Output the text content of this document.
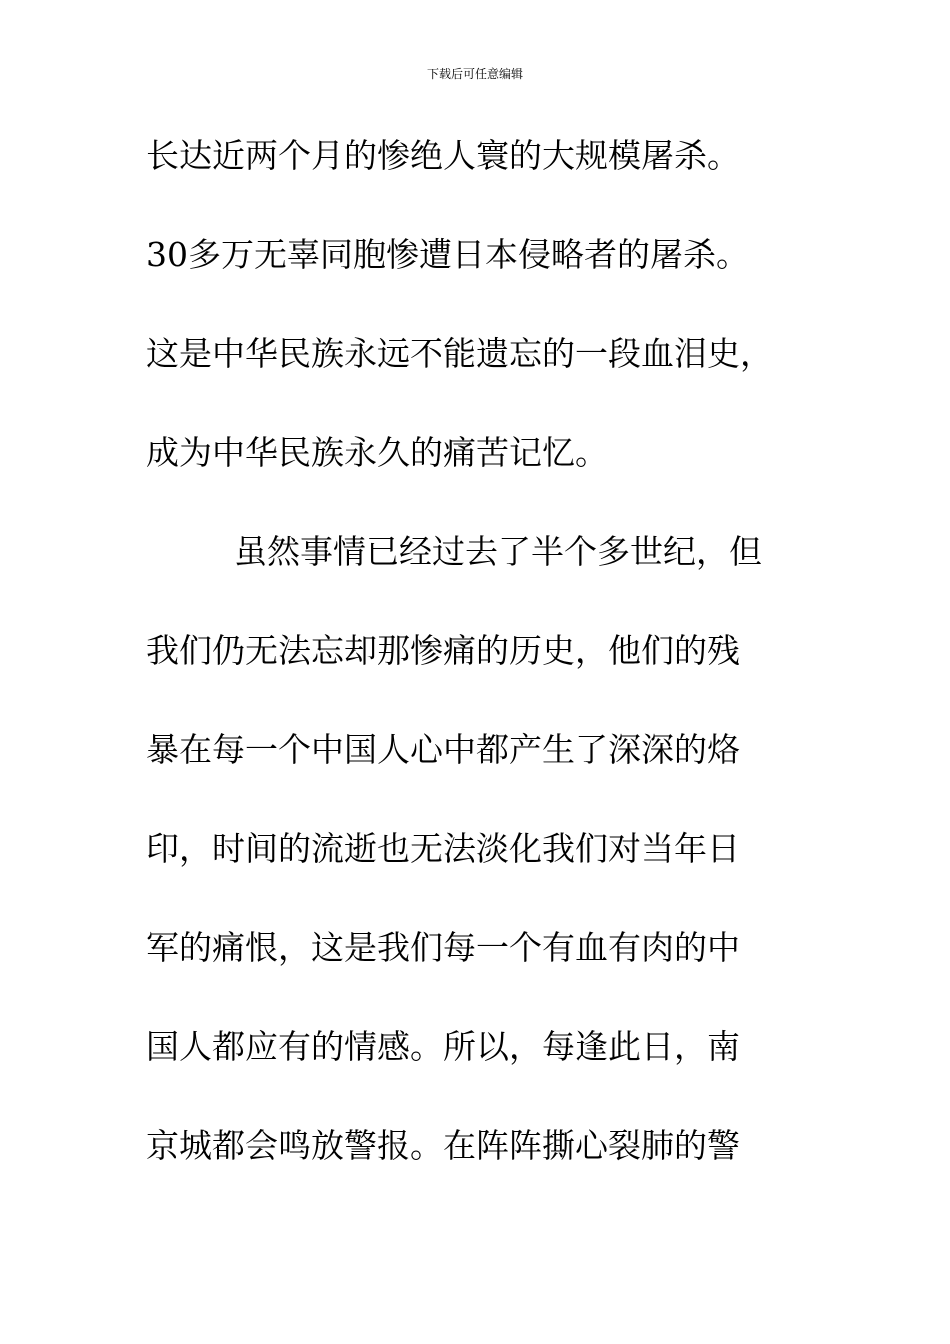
下载后可任意编辑
长达近两个月的惨绝人寰的大规模屠杀。
30多万无辜同胞惨遭日本侵略者的屠杀。
这是中华民族永远不能遗忘的一段血泪史，
成为中华民族永久的痛苦记忆。
虽然事情已经过去了半个多世纪，但
我们仍无法忘却那惨痛的历史，他们的残
暴在每一个中国人心中都产生了深深的烙
印，时间的流逝也无法淡化我们对当年日
军的痛恨，这是我们每一个有血有肉的中
国人都应有的情感。所以，每逢此日，南
京城都会鸣放警报。在阵阵撕心裂肺的警
